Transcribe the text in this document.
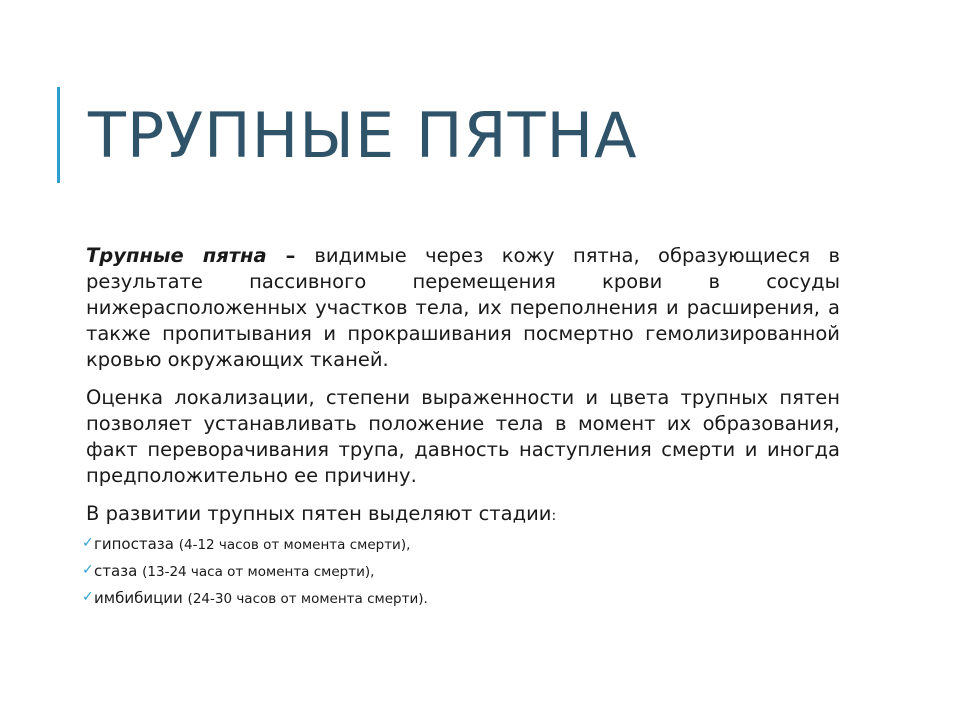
ТРУПНЫЕ ПЯТНА

Трупные пятна – видимые через кожу пятна, образующиеся в результате пассивного перемещения крови в сосуды нижерасположенных участков тела, их переполнения и расширения, а также пропитывания и прокрашивания посмертно гемолизированной кровью окружающих тканей.

Оценка локализации, степени выраженности и цвета трупных пятен позволяет устанавливать положение тела в момент их образования, факт переворачивания трупа, давность наступления смерти и иногда предположительно ее причину.

В развитии трупных пятен выделяют стадии:

✓ гипостаза (4-12 часов от момента смерти),
✓ стаза (13-24 часа от момента смерти),
✓ имбибиции (24-30 часов от момента смерти).
